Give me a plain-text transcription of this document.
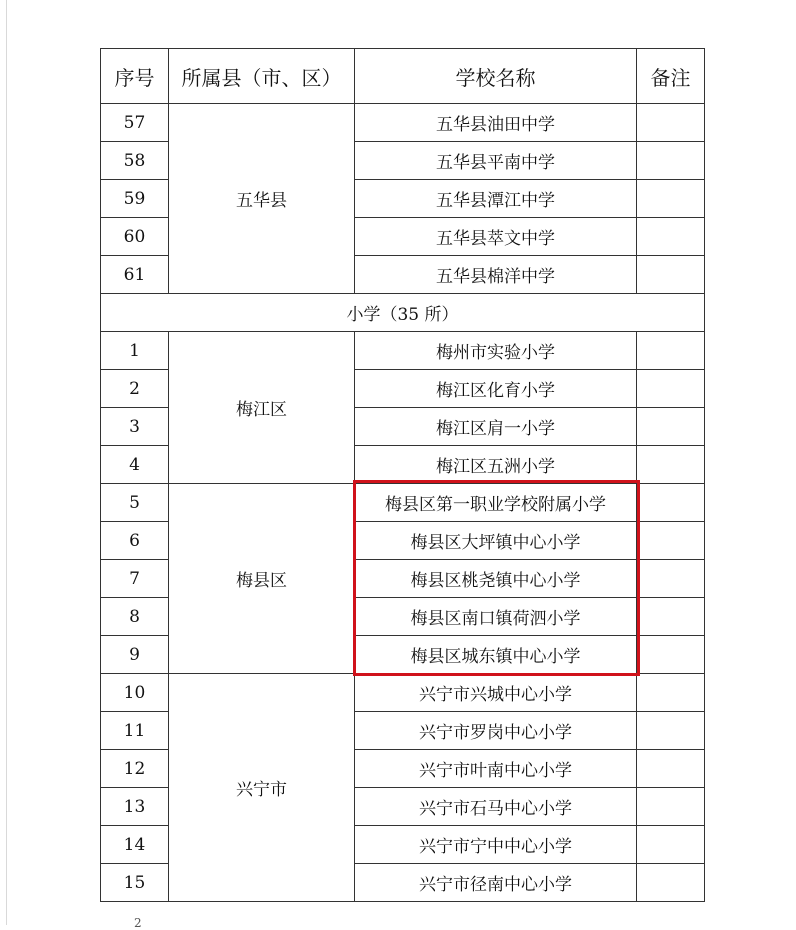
序号	所属县（市、区）	学校名称	备注
57	五华县	五华县油田中学	
58		五华县平南中学	
59		五华县潭江中学	
60		五华县萃文中学	
61		五华县棉洋中学	
小学（35 所）			
1	梅江区	梅州市实验小学	
2		梅江区化育小学	
3		梅江区肩一小学	
4		梅江区五洲小学	
5	梅县区	梅县区第一职业学校附属小学	
6		梅县区大坪镇中心小学	
7		梅县区桃尧镇中心小学	
8		梅县区南口镇荷泗小学	
9		梅县区城东镇中心小学	
10	兴宁市	兴宁市兴城中心小学	
11		兴宁市罗岗中心小学	
12		兴宁市叶南中心小学	
13		兴宁市石马中心小学	
14		兴宁市宁中中心小学	
15		兴宁市径南中心小学	
2
